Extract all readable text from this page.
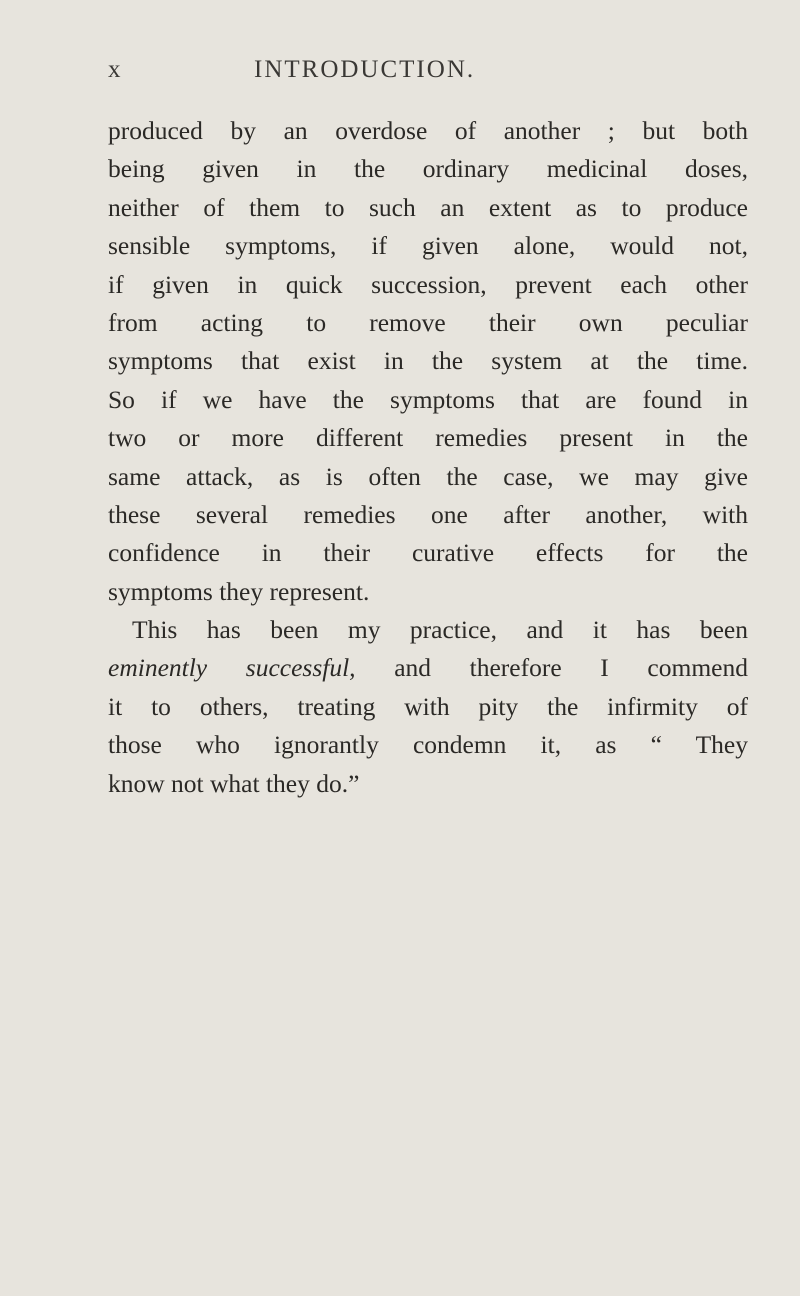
x	INTRODUCTION.
produced by an overdose of another ; but both
being given in the ordinary medicinal doses,
neither of them to such an extent as to produce
sensible symptoms, if given alone, would not,
if given in quick succession, prevent each other
from acting to remove their own peculiar
symptoms that exist in the system at the time.
So if we have the symptoms that are found in
two or more different remedies present in the
same attack, as is often the case, we may give
these several remedies one after another, with
confidence in their curative effects for the
symptoms they represent.
This has been my practice, and it has been
eminently successful, and therefore I commend
it to others, treating with pity the infirmity of
those who ignorantly condemn it, as “ They
know not what they do.”
